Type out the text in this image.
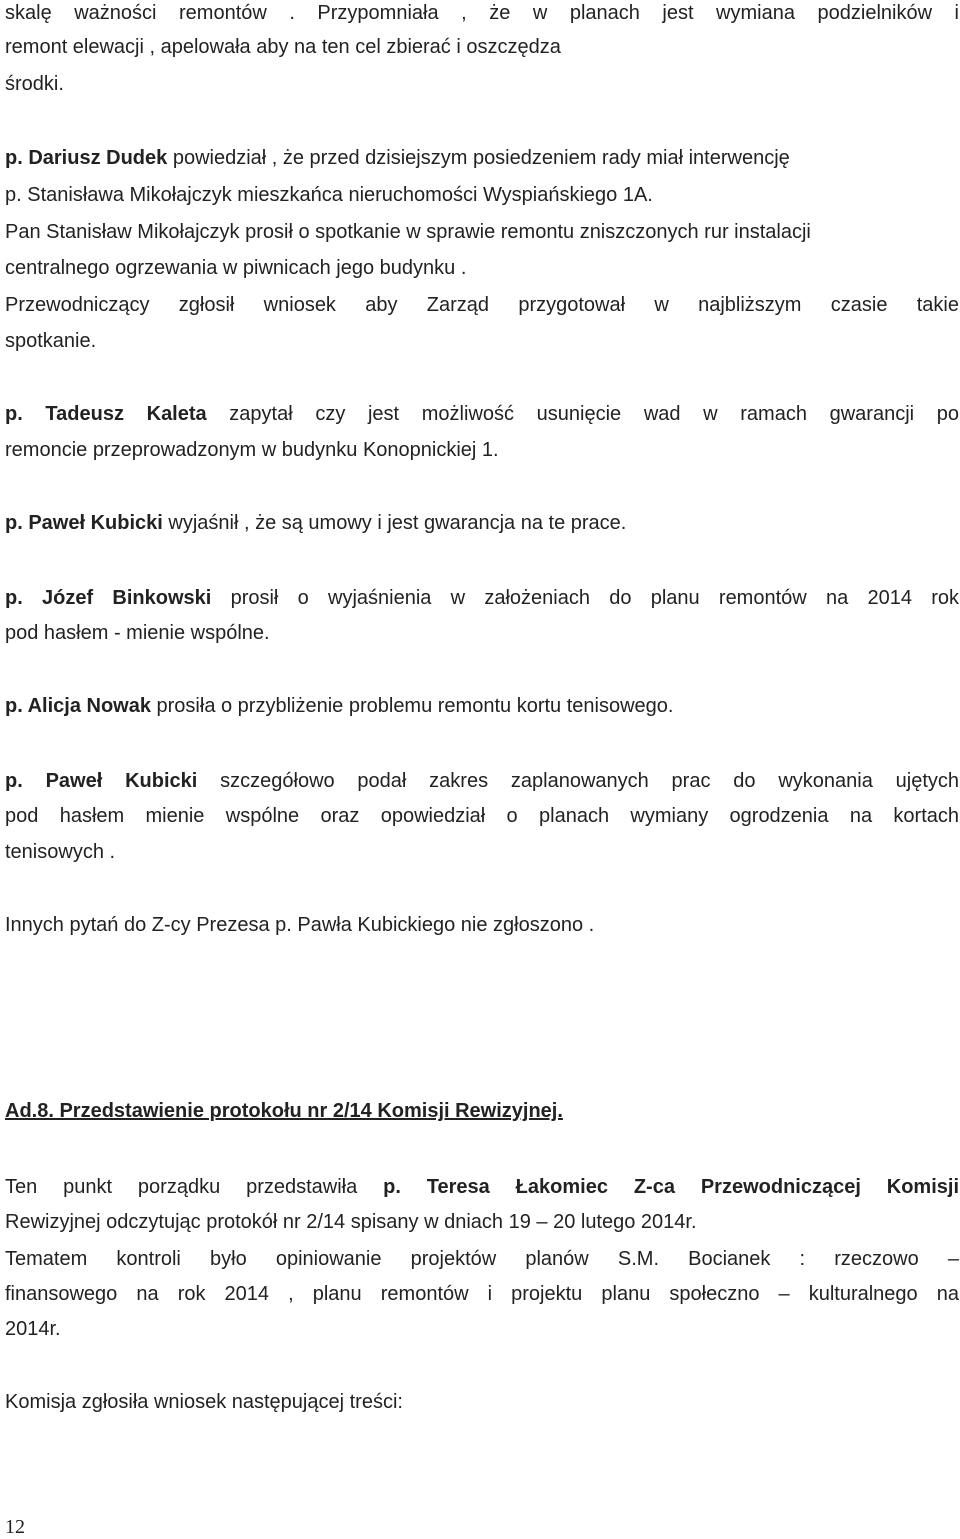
skalę ważności remontów . Przypomniała , że w planach jest wymiana podzielników i
remont elewacji , apelowała aby na ten cel zbierać i oszczędza
środki.
p. Dariusz Dudek powiedział , że przed dzisiejszym posiedzeniem rady miał interwencję
p. Stanisława Mikołajczyk mieszkańca nieruchomości Wyspiańskiego 1A.
Pan Stanisław Mikołajczyk prosił o spotkanie w sprawie remontu zniszczonych rur instalacji
centralnego ogrzewania w piwnicach jego budynku .
Przewodniczący zgłosił wniosek aby Zarząd przygotował w najbliższym czasie takie
spotkanie.
p. Tadeusz Kaleta zapytał czy jest możliwość usunięcie wad w ramach gwarancji po
remoncie przeprowadzonym w budynku Konopnickiej 1.
p. Paweł Kubicki wyjaśnił , że są umowy i jest gwarancja na te prace.
p. Józef Binkowski prosił o wyjaśnienia w założeniach do planu remontów na 2014 rok
pod hasłem - mienie wspólne.
p. Alicja Nowak prosiła o przybliżenie problemu remontu kortu tenisowego.
p. Paweł Kubicki szczegółowo podał zakres zaplanowanych prac do wykonania ujętych
pod hasłem mienie wspólne oraz opowiedział o planach wymiany ogrodzenia na kortach
tenisowych .
Innych pytań do Z-cy Prezesa p. Pawła Kubickiego nie zgłoszono .
Ad.8. Przedstawienie protokołu nr 2/14 Komisji Rewizyjnej.
Ten punkt porządku przedstawiła p. Teresa Łakomiec Z-ca Przewodniczącej Komisji
Rewizyjnej odczytując protokół nr 2/14 spisany w dniach 19 – 20 lutego 2014r.
Tematem kontroli było opiniowanie projektów planów S.M. Bocianek : rzeczowo –
finansowego na rok 2014 , planu remontów i projektu planu społeczno – kulturalnego na
2014r.
Komisja zgłosiła wniosek następującej treści:
12
